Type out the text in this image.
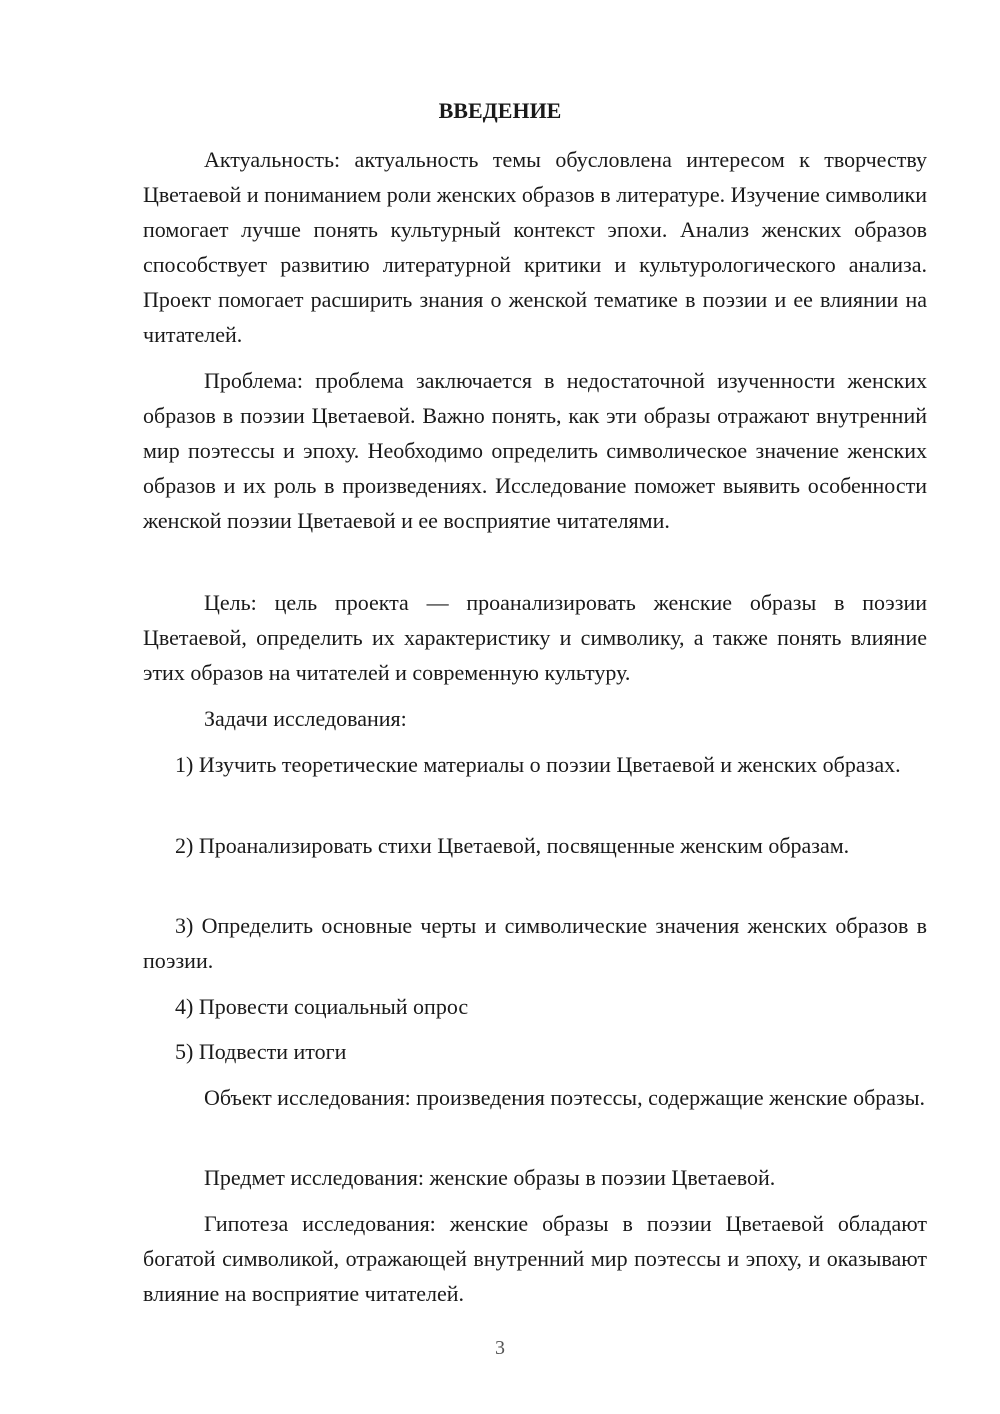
ВВЕДЕНИЕ

Актуальность: актуальность темы обусловлена интересом к творчеству Цветаевой и пониманием роли женских образов в литературе. Изучение символики помогает лучше понять культурный контекст эпохи. Анализ женских образов способствует развитию литературной критики и культурологического анализа. Проект помогает расширить знания о женской тематике в поэзии и ее влиянии на читателей.

Проблема: проблема заключается в недостаточной изученности женских образов в поэзии Цветаевой. Важно понять, как эти образы отражают внутренний мир поэтессы и эпоху. Необходимо определить символическое значение женских образов и их роль в произведениях. Исследование поможет выявить особенности женской поэзии Цветаевой и ее восприятие читателями.

Цель: цель проекта — проанализировать женские образы в поэзии Цветаевой, определить их характеристику и символику, а также понять влияние этих образов на читателей и современную культуру.

Задачи исследования:

1) Изучить теоретические материалы о поэзии Цветаевой и женских образах.

2) Проанализировать стихи Цветаевой, посвященные женским образам.

3) Определить основные черты и символические значения женских образов в поэзии.

4) Провести социальный опрос

5) Подвести итоги

Объект исследования: произведения поэтессы, содержащие женские образы.

Предмет исследования: женские образы в поэзии Цветаевой.

Гипотеза исследования: женские образы в поэзии Цветаевой обладают богатой символикой, отражающей внутренний мир поэтессы и эпоху, и оказывают влияние на восприятие читателей.

3
